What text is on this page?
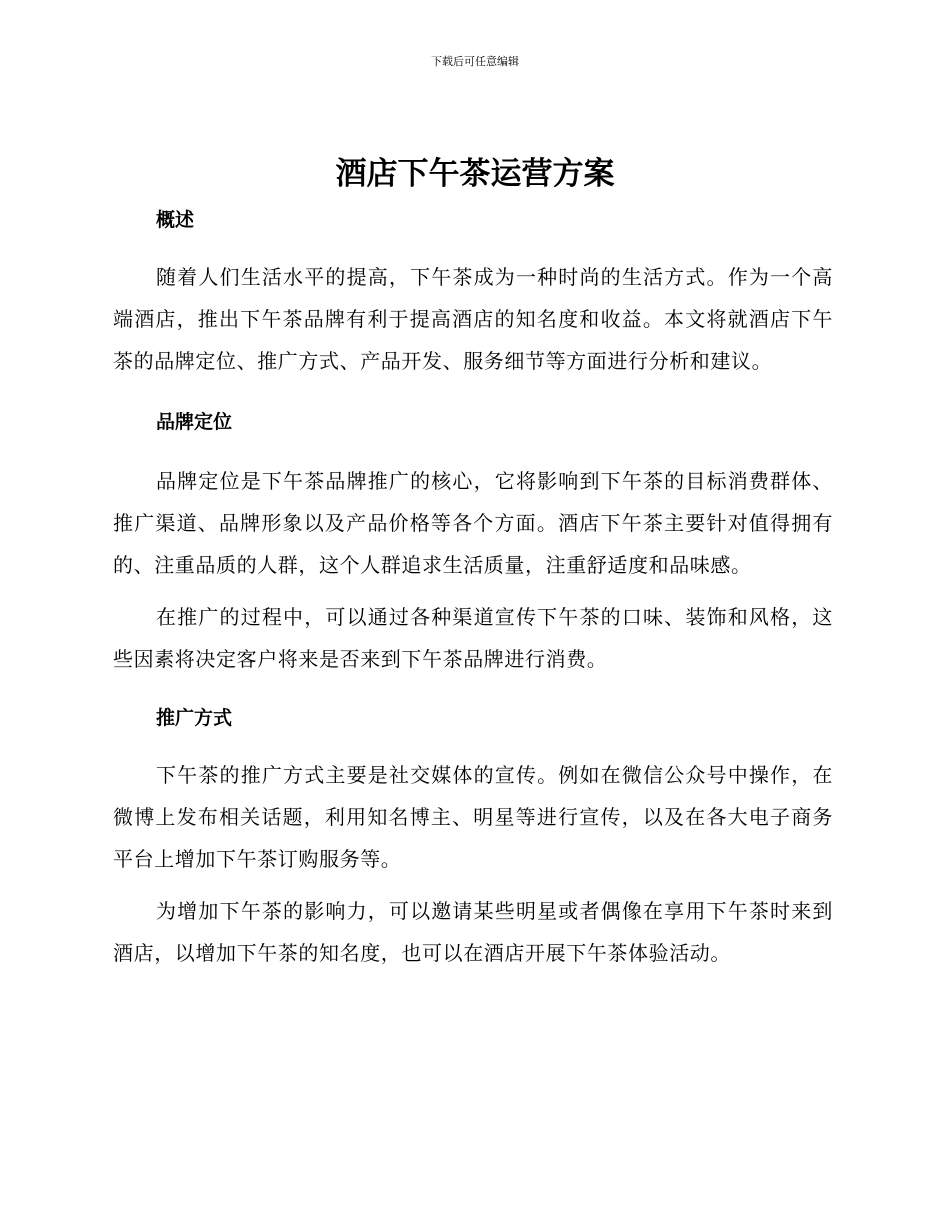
下载后可任意编辑
酒店下午茶运营方案
概述

随着人们生活水平的提高，下午茶成为一种时尚的生活方式。作为一个高端酒店，推出下午茶品牌有利于提高酒店的知名度和收益。本文将就酒店下午茶的品牌定位、推广方式、产品开发、服务细节等方面进行分析和建议。

品牌定位

品牌定位是下午茶品牌推广的核心，它将影响到下午茶的目标消费群体、推广渠道、品牌形象以及产品价格等各个方面。酒店下午茶主要针对值得拥有的、注重品质的人群，这个人群追求生活质量，注重舒适度和品味感。

在推广的过程中，可以通过各种渠道宣传下午茶的口味、装饰和风格，这些因素将决定客户将来是否来到下午茶品牌进行消费。

推广方式

下午茶的推广方式主要是社交媒体的宣传。例如在微信公众号中操作，在微博上发布相关话题，利用知名博主、明星等进行宣传，以及在各大电子商务平台上增加下午茶订购服务等。

为增加下午茶的影响力，可以邀请某些明星或者偶像在享用下午茶时来到酒店，以增加下午茶的知名度，也可以在酒店开展下午茶体验活动。
